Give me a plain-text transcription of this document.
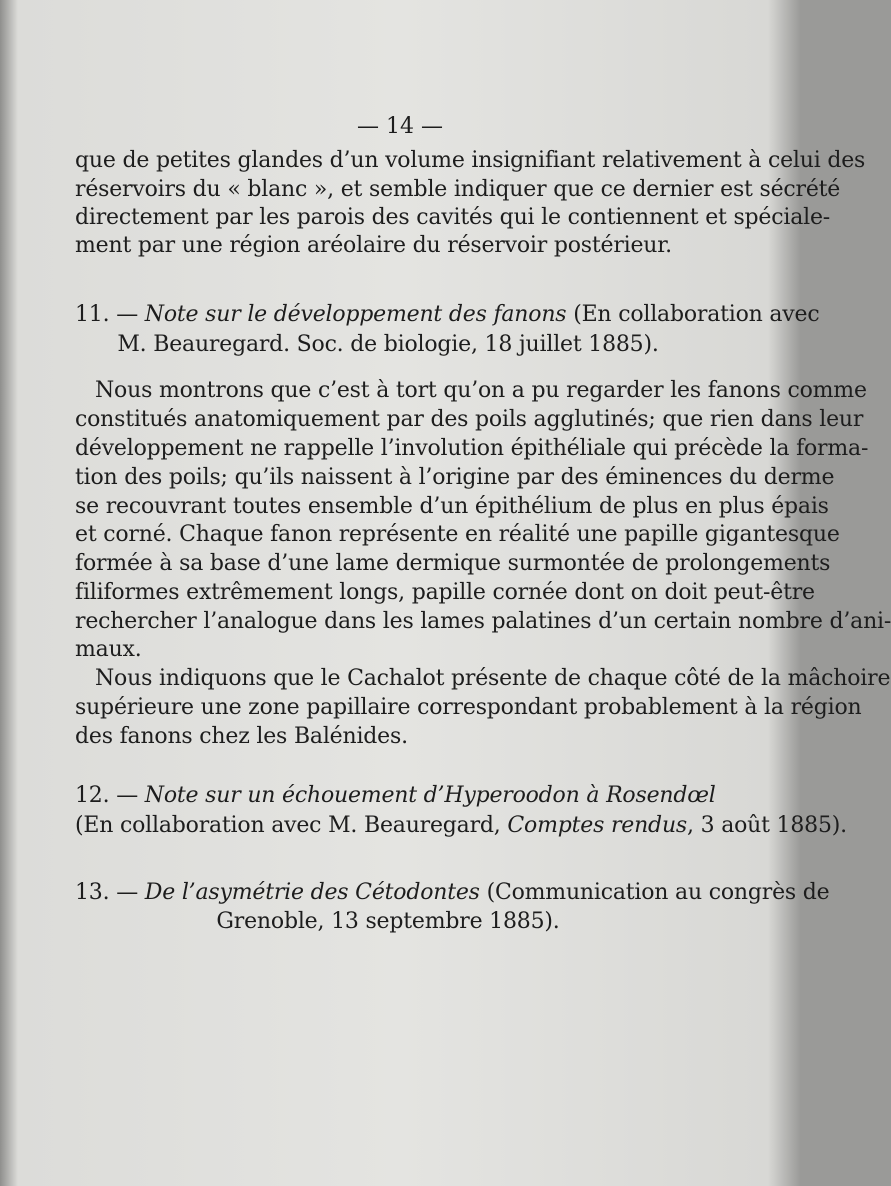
— 14 —
que de petites glandes d’un volume insignifiant relativement à celui des
réservoirs du « blanc », et semble indiquer que ce dernier est sécrété
directement par les parois des cavités qui le contiennent et spéciale-
ment par une région aréolaire du réservoir postérieur.
11. — Note sur le développement des fanons (En collaboration avec
M. Beauregard. Soc. de biologie, 18 juillet 1885).
Nous montrons que c’est à tort qu’on a pu regarder les fanons comme
constitués anatomiquement par des poils agglutinés; que rien dans leur
développement ne rappelle l’involution épithéliale qui précède la forma-
tion des poils; qu’ils naissent à l’origine par des éminences du derme
se recouvrant toutes ensemble d’un épithélium de plus en plus épais
et corné. Chaque fanon représente en réalité une papille gigantesque
formée à sa base d’une lame dermique surmontée de prolongements
filiformes extrêmement longs, papille cornée dont on doit peut-être
rechercher l’analogue dans les lames palatines d’un certain nombre d’ani-
maux.
Nous indiquons que le Cachalot présente de chaque côté de la mâchoire
supérieure une zone papillaire correspondant probablement à la région
des fanons chez les Balénides.
12. — Note sur un échouement d’Hyperoodon à Rosendœl
(En collaboration avec M. Beauregard, Comptes rendus, 3 août 1885).
13. — De l’asymétrie des Cétodontes (Communication au congrès de
Grenoble, 13 septembre 1885).
